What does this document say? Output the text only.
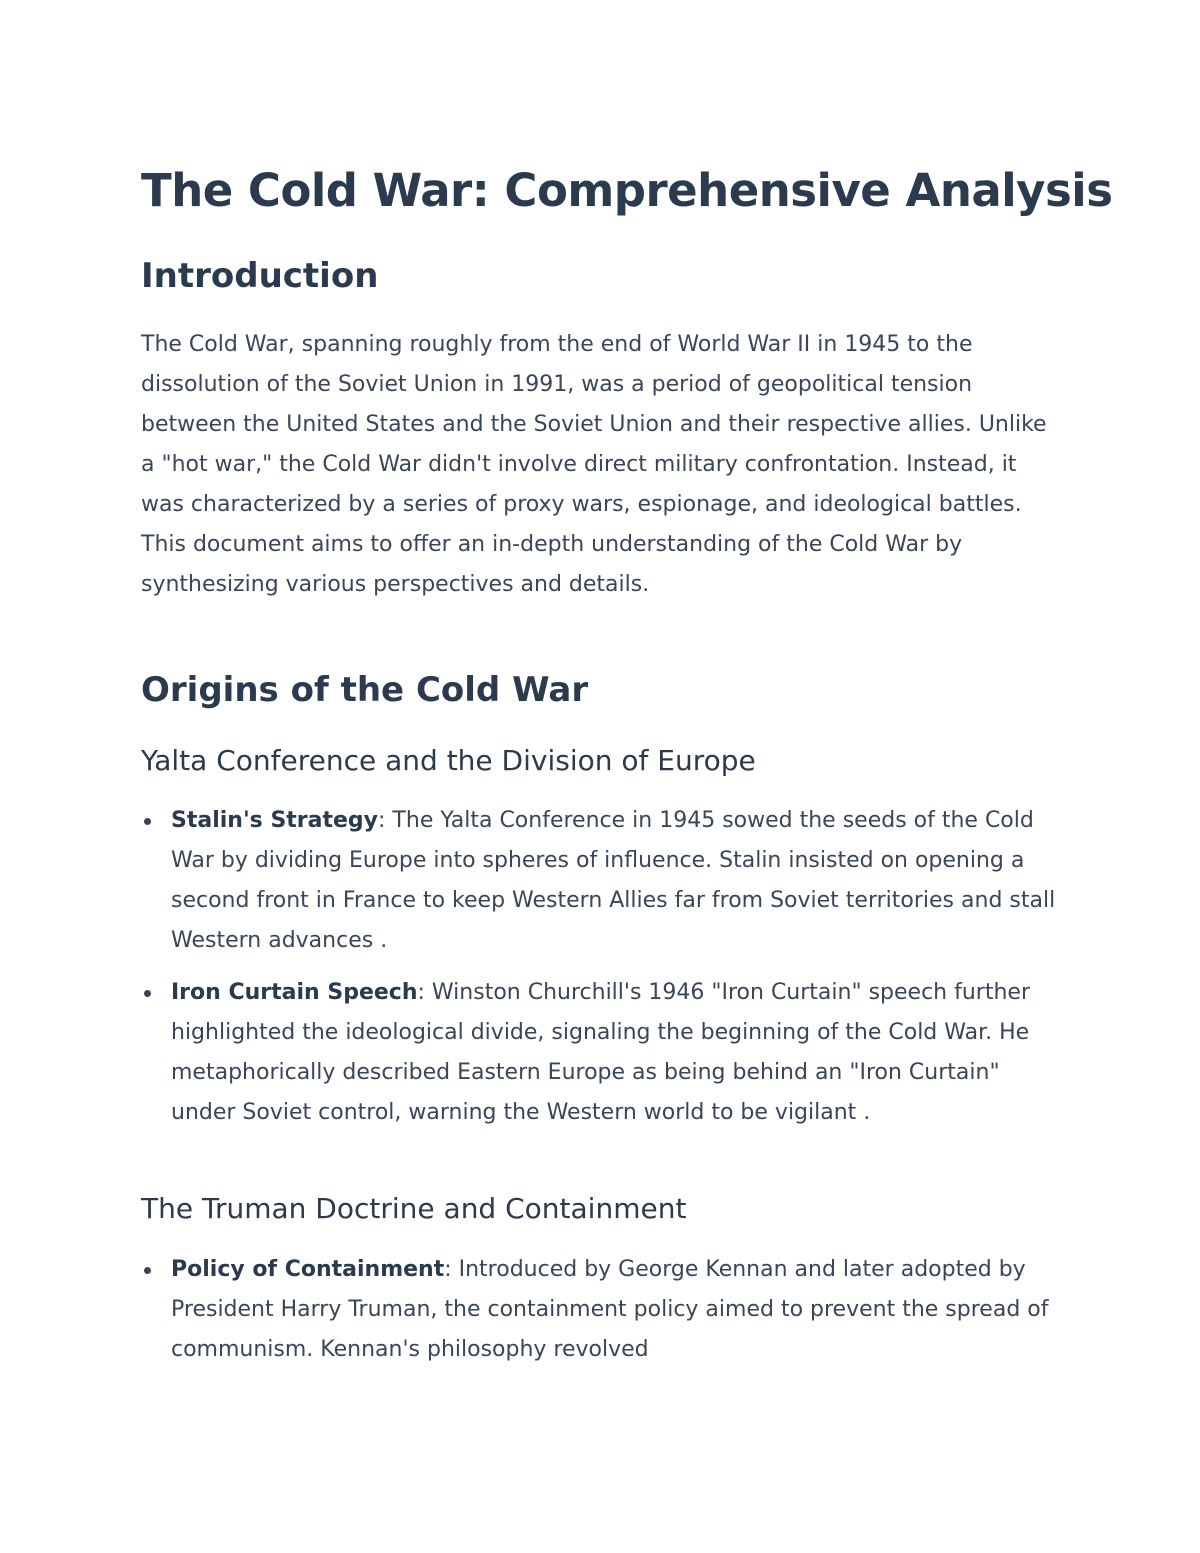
The Cold War: Comprehensive Analysis
Introduction

The Cold War, spanning roughly from the end of World War II in 1945 to the dissolution of the Soviet Union in 1991, was a period of geopolitical tension between the United States and the Soviet Union and their respective allies. Unlike a "hot war," the Cold War didn't involve direct military confrontation. Instead, it was characterized by a series of proxy wars, espionage, and ideological battles. This document aims to offer an in-depth understanding of the Cold War by synthesizing various perspectives and details.

Origins of the Cold War
Yalta Conference and the Division of Europe
Stalin's Strategy: The Yalta Conference in 1945 sowed the seeds of the Cold War by dividing Europe into spheres of influence. Stalin insisted on opening a second front in France to keep Western Allies far from Soviet territories and stall Western advances .
Iron Curtain Speech: Winston Churchill's 1946 "Iron Curtain" speech further highlighted the ideological divide, signaling the beginning of the Cold War. He metaphorically described Eastern Europe as being behind an "Iron Curtain" under Soviet control, warning the Western world to be vigilant .
The Truman Doctrine and Containment
Policy of Containment: Introduced by George Kennan and later adopted by President Harry Truman, the containment policy aimed to prevent the spread of communism. Kennan's philosophy revolved
